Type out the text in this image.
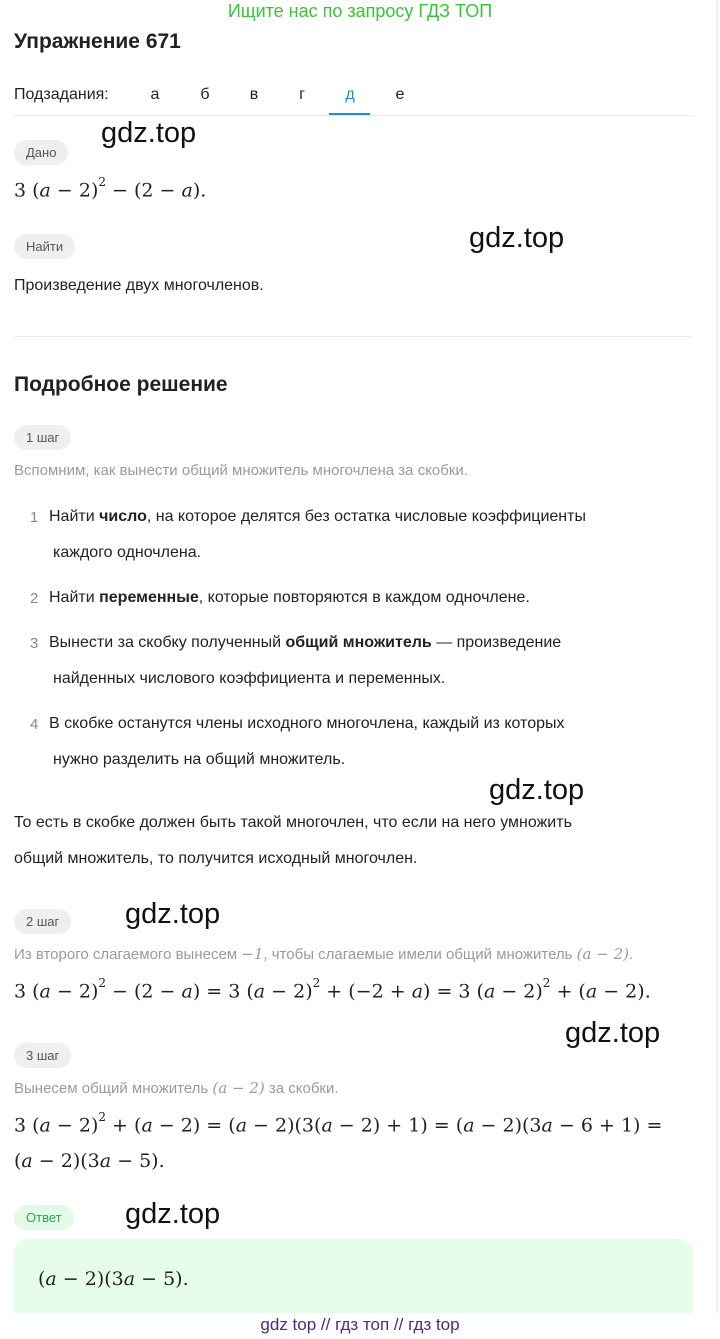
Ищите нас по запросу ГДЗ ТОП
Упражнение 671
Подзадания:	а	б	в	г	д	е
Дано
3 $(a - 2)^2 - (2 - a)$.
Найти
Произведение двух многочленов.
Подробное решение
1 шаг
Вспомним, как вынести общий множитель многочлена за скобки.
1 Найти число, на которое делятся без остатка числовые коэффициенты
каждого одночлена.
2 Найти переменные, которые повторяются в каждом одночлене.
3 Вынести за скобку полученный общий множитель — произведение
найденных числового коэффициента и переменных.
4 В скобке останутся члены исходного многочлена, каждый из которых
нужно разделить на общий множитель.
То есть в скобке должен быть такой многочлен, что если на него умножить
общий множитель, то получится исходный многочлен.
2 шаг
Из второго слагаемого вынесем −1, чтобы слагаемые имели общий множитель (a − 2).
3 $(a - 2)^2 - (2 - a) = 3$ $(a - 2)^2 + (-2 + a) = 3$ $(a - 2)^2 + (a - 2)$.
3 шаг
Вынесем общий множитель (a − 2) за скобки.
3 $(a - 2)^2 + (a - 2) = (a - 2)(3(a - 2) + 1) = (a - 2)(3a - 6 + 1)$ =
(a − 2)(3a − 5).
Ответ
(a − 2)(3a − 5).
gdz.top
gdz.top
gdz.top
gdz.top
gdz.top
gdz.top
gdz top // гдз топ // гдз top
